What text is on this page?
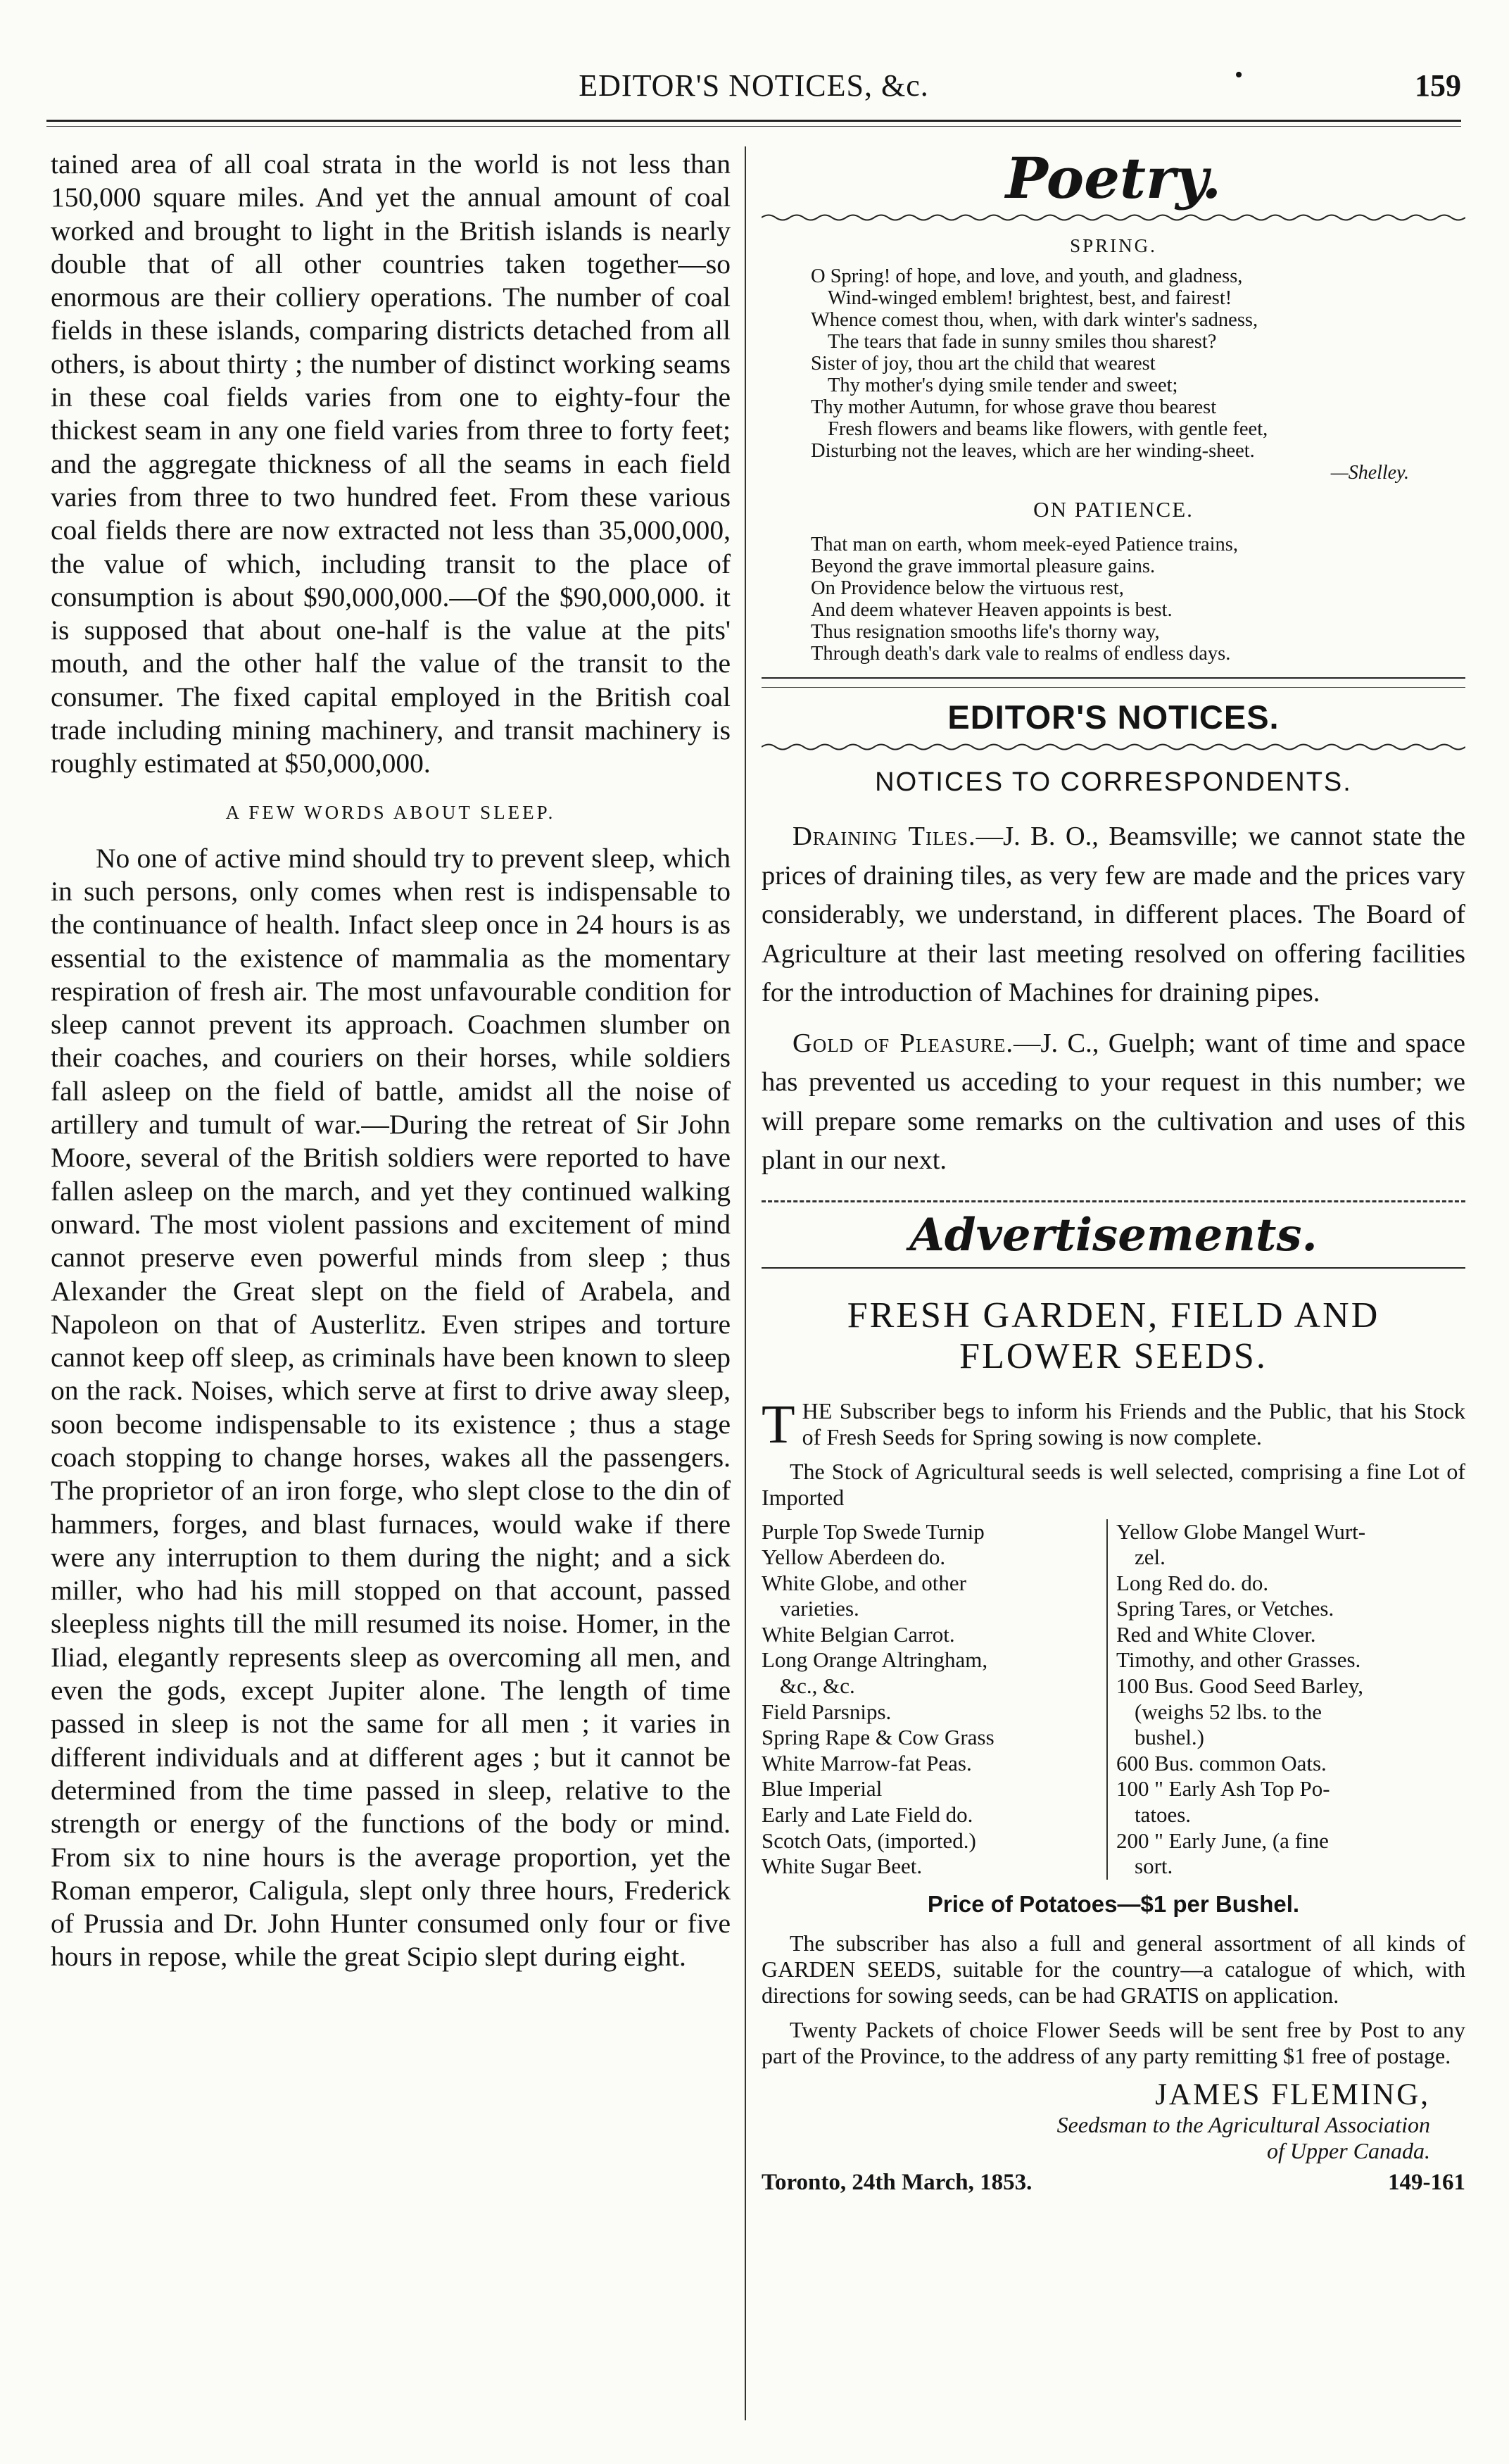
EDITOR'S NOTICES, &c.	•	159

tained area of all coal strata in the world is not less than 150,000 square miles. And yet the annual amount of coal worked and brought to light in the British islands is nearly double that of all other countries taken together—so enormous are their colliery operations. The number of coal fields in these islands, comparing districts detached from all others, is about thirty ; the number of distinct working seams in these coal fields varies from one to eighty-four the thickest seam in any one field varies from three to forty feet; and the aggregate thickness of all the seams in each field varies from three to two hundred feet. From these various coal fields there are now extracted not less than 35,000,000, the value of which, including transit to the place of consumption is about $90,000,000.—Of the $90,000,000. it is supposed that about one-half is the value at the pits' mouth, and the other half the value of the transit to the consumer. The fixed capital employed in the British coal trade including mining machinery, and transit machinery is roughly estimated at $50,000,000.

A FEW WORDS ABOUT SLEEP.

No one of active mind should try to prevent sleep, which in such persons, only comes when rest is indispensable to the continuance of health. Infact sleep once in 24 hours is as essential to the existence of mammalia as the momentary respiration of fresh air. The most unfavourable condition for sleep cannot prevent its approach. Coachmen slumber on their coaches, and couriers on their horses, while soldiers fall asleep on the field of battle, amidst all the noise of artillery and tumult of war.—During the retreat of Sir John Moore, several of the British soldiers were reported to have fallen asleep on the march, and yet they continued walking onward. The most violent passions and excitement of mind cannot preserve even powerful minds from sleep ; thus Alexander the Great slept on the field of Arabela, and Napoleon on that of Austerlitz. Even stripes and torture cannot keep off sleep, as criminals have been known to sleep on the rack. Noises, which serve at first to drive away sleep, soon become indispensable to its existence ; thus a stage coach stopping to change horses, wakes all the passengers. The proprietor of an iron forge, who slept close to the din of hammers, forges, and blast furnaces, would wake if there were any interruption to them during the night; and a sick miller, who had his mill stopped on that account, passed sleepless nights till the mill resumed its noise. Homer, in the Iliad, elegantly represents sleep as overcoming all men, and even the gods, except Jupiter alone. The length of time passed in sleep is not the same for all men ; it varies in different individuals and at different ages ; but it cannot be determined from the time passed in sleep, relative to the strength or energy of the functions of the body or mind. From six to nine hours is the average proportion, yet the Roman emperor, Caligula, slept only three hours, Frederick of Prussia and Dr. John Hunter consumed only four or five hours in repose, while the great Scipio slept during eight.

Poetry.
SPRING.
O Spring! of hope, and love, and youth, and gladness,
Wind-winged emblem! brightest, best, and fairest!
Whence comest thou, when, with dark winter's sadness,
The tears that fade in sunny smiles thou sharest?
Sister of joy, thou art the child that wearest
Thy mother's dying smile tender and sweet;
Thy mother Autumn, for whose grave thou bearest
Fresh flowers and beams like flowers, with gentle feet,
Disturbing not the leaves, which are her winding-sheet.
—Shelley.
ON PATIENCE.
That man on earth, whom meek-eyed Patience trains,
Beyond the grave immortal pleasure gains.
On Providence below the virtuous rest,
And deem whatever Heaven appoints is best.
Thus resignation smooths life's thorny way,
Through death's dark vale to realms of endless days.
EDITOR'S NOTICES.
NOTICES TO CORRESPONDENTS.

Draining Tiles.—J. B. O., Beamsville; we cannot state the prices of draining tiles, as very few are made and the prices vary considerably, we understand, in different places. The Board of Agriculture at their last meeting resolved on offering facilities for the introduction of Machines for draining pipes.

Gold of Pleasure.—J. C., Guelph; want of time and space has prevented us acceding to your request in this number; we will prepare some remarks on the cultivation and uses of this plant in our next.

Advertisements.
FRESH GARDEN, FIELD AND
FLOWER SEEDS.

THE Subscriber begs to inform his Friends and the Public, that his Stock of Fresh Seeds for Spring sowing is now complete.

The Stock of Agricultural seeds is well selected, comprising a fine Lot of Imported

Purple Top Swede Turnip
Yellow Aberdeen do.
White Globe, and other
varieties.
White Belgian Carrot.
Long Orange Altringham,
&c., &c.
Field Parsnips.
Spring Rape & Cow Grass
White Marrow-fat Peas.
Blue Imperial
Early and Late Field do.
Scotch Oats, (imported.)
White Sugar Beet.
Yellow Globe Mangel Wurt-
zel.
Long Red do. do.
Spring Tares, or Vetches.
Red and White Clover.
Timothy, and other Grasses.
100 Bus. Good Seed Barley,
(weighs 52 lbs. to the
bushel.)
600 Bus. common Oats.
100 " Early Ash Top Po-
tatoes.
200 " Early June, (a fine
sort.
Price of Potatoes—$1 per Bushel.

The subscriber has also a full and general assortment of all kinds of GARDEN SEEDS, suitable for the country—a catalogue of which, with directions for sowing seeds, can be had GRATIS on application.

Twenty Packets of choice Flower Seeds will be sent free by Post to any part of the Province, to the address of any party remitting $1 free of postage.

JAMES FLEMING,
Seedsman to the Agricultural Association
of Upper Canada.
Toronto, 24th March, 1853.	149-161
